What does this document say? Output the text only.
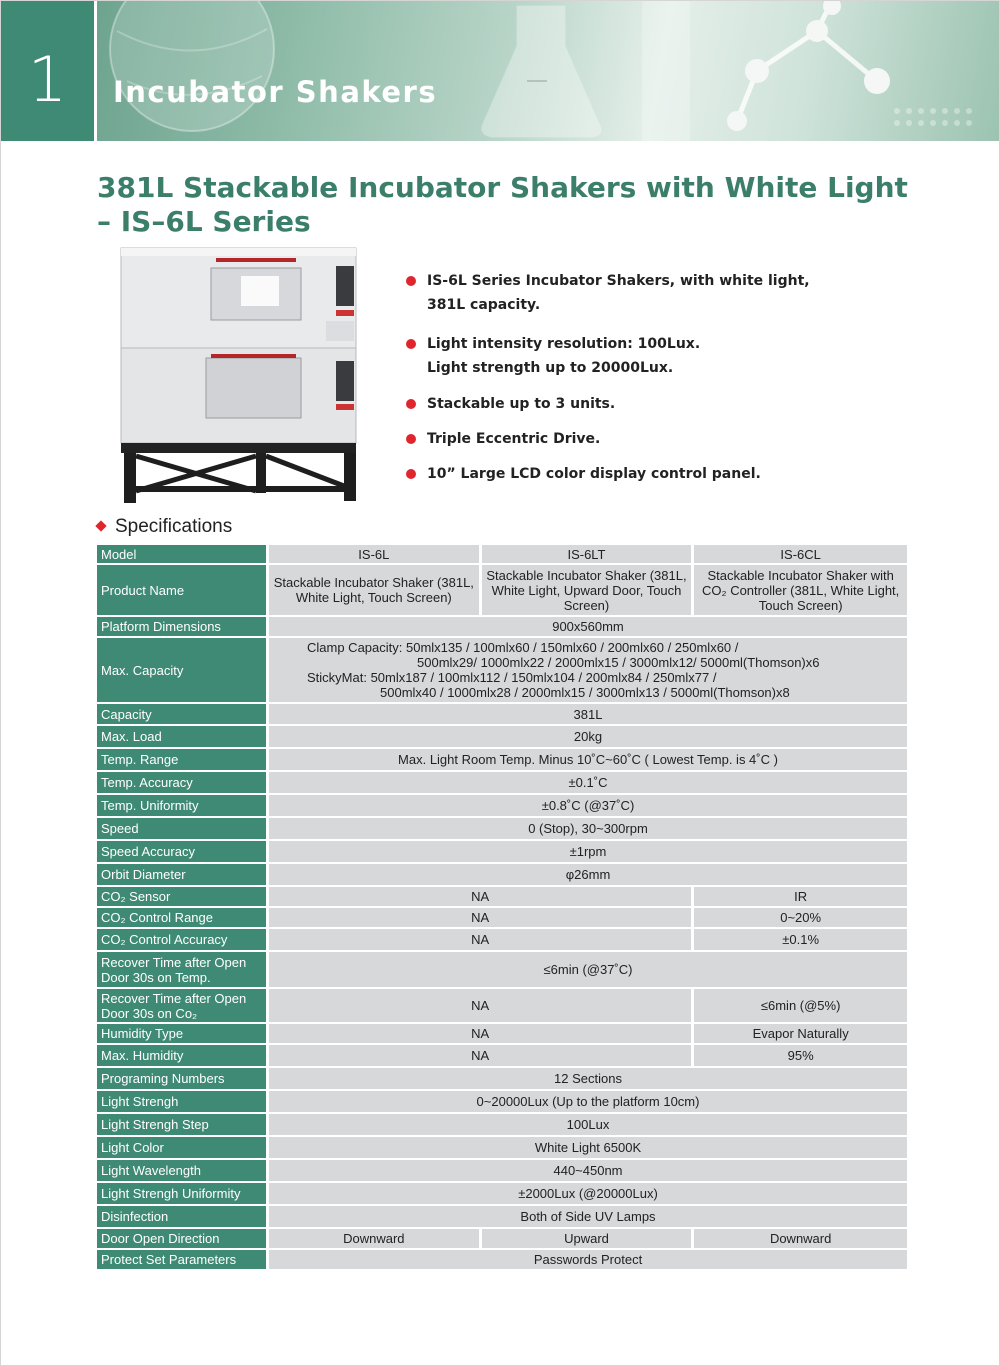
1	Incubator Shakers
381L Stackable Incubator Shakers with White Light
– IS–6L Series
IS-6L Series Incubator Shakers, with white light,
381L capacity.
Light intensity resolution: 100Lux.
Light strength up to 20000Lux.
Stackable up to 3 units.
Triple Eccentric Drive.
10” Large LCD color display control panel.
Specifications
Model	IS-6L	IS-6LT	IS-6CL
Product Name	Stackable Incubator Shaker (381L, White Light, Touch Screen)	Stackable Incubator Shaker (381L, White Light, Upward Door, Touch Screen)	Stackable Incubator Shaker with CO₂ Controller (381L, White Light, Touch Screen)
Platform Dimensions	900x560mm		
Max. Capacity	Clamp Capacity: 50mlx135 / 100mlx60 / 150mlx60 / 200mlx60 / 250mlx60 /
500mlx29/ 1000mlx22 / 2000mlx15 / 3000mlx12/ 5000ml(Thomson)x6
StickyMat: 50mlx187 / 100mlx112 / 150mlx104 / 200mlx84 / 250mlx77 /
500mlx40 / 1000mlx28 / 2000mlx15 / 3000mlx13 / 5000ml(Thomson)x8		

Capacity	381L		
Max. Load	20kg		
Temp. Range	Max. Light Room Temp. Minus 10˚C~60˚C ( Lowest Temp. is 4˚C )		
Temp. Accuracy	±0.1˚C		
Temp. Uniformity	±0.8˚C (@37˚C)		
Speed	0 (Stop), 30~300rpm		
Speed Accuracy	±1rpm		
Orbit Diameter	φ26mm		
CO₂ Sensor	NA		IR
CO₂ Control Range	NA		0~20%
CO₂ Control Accuracy	NA		±0.1%
Recover Time after Open Door 30s on Temp.	≤6min (@37˚C)		
Recover Time after Open Door 30s on Co₂	NA		≤6min (@5%)
Humidity Type	NA		Evapor Naturally
Max. Humidity	NA		95%
Programing Numbers	12 Sections		
Light Strengh	0~20000Lux (Up to the platform 10cm)		
Light Strengh Step	100Lux		
Light Color	White Light 6500K		
Light Wavelength	440~450nm		
Light Strengh Uniformity	±2000Lux (@20000Lux)		
Disinfection	Both of Side UV Lamps		
Door Open Direction	Downward	Upward	Downward
Protect Set Parameters	Passwords Protect		
